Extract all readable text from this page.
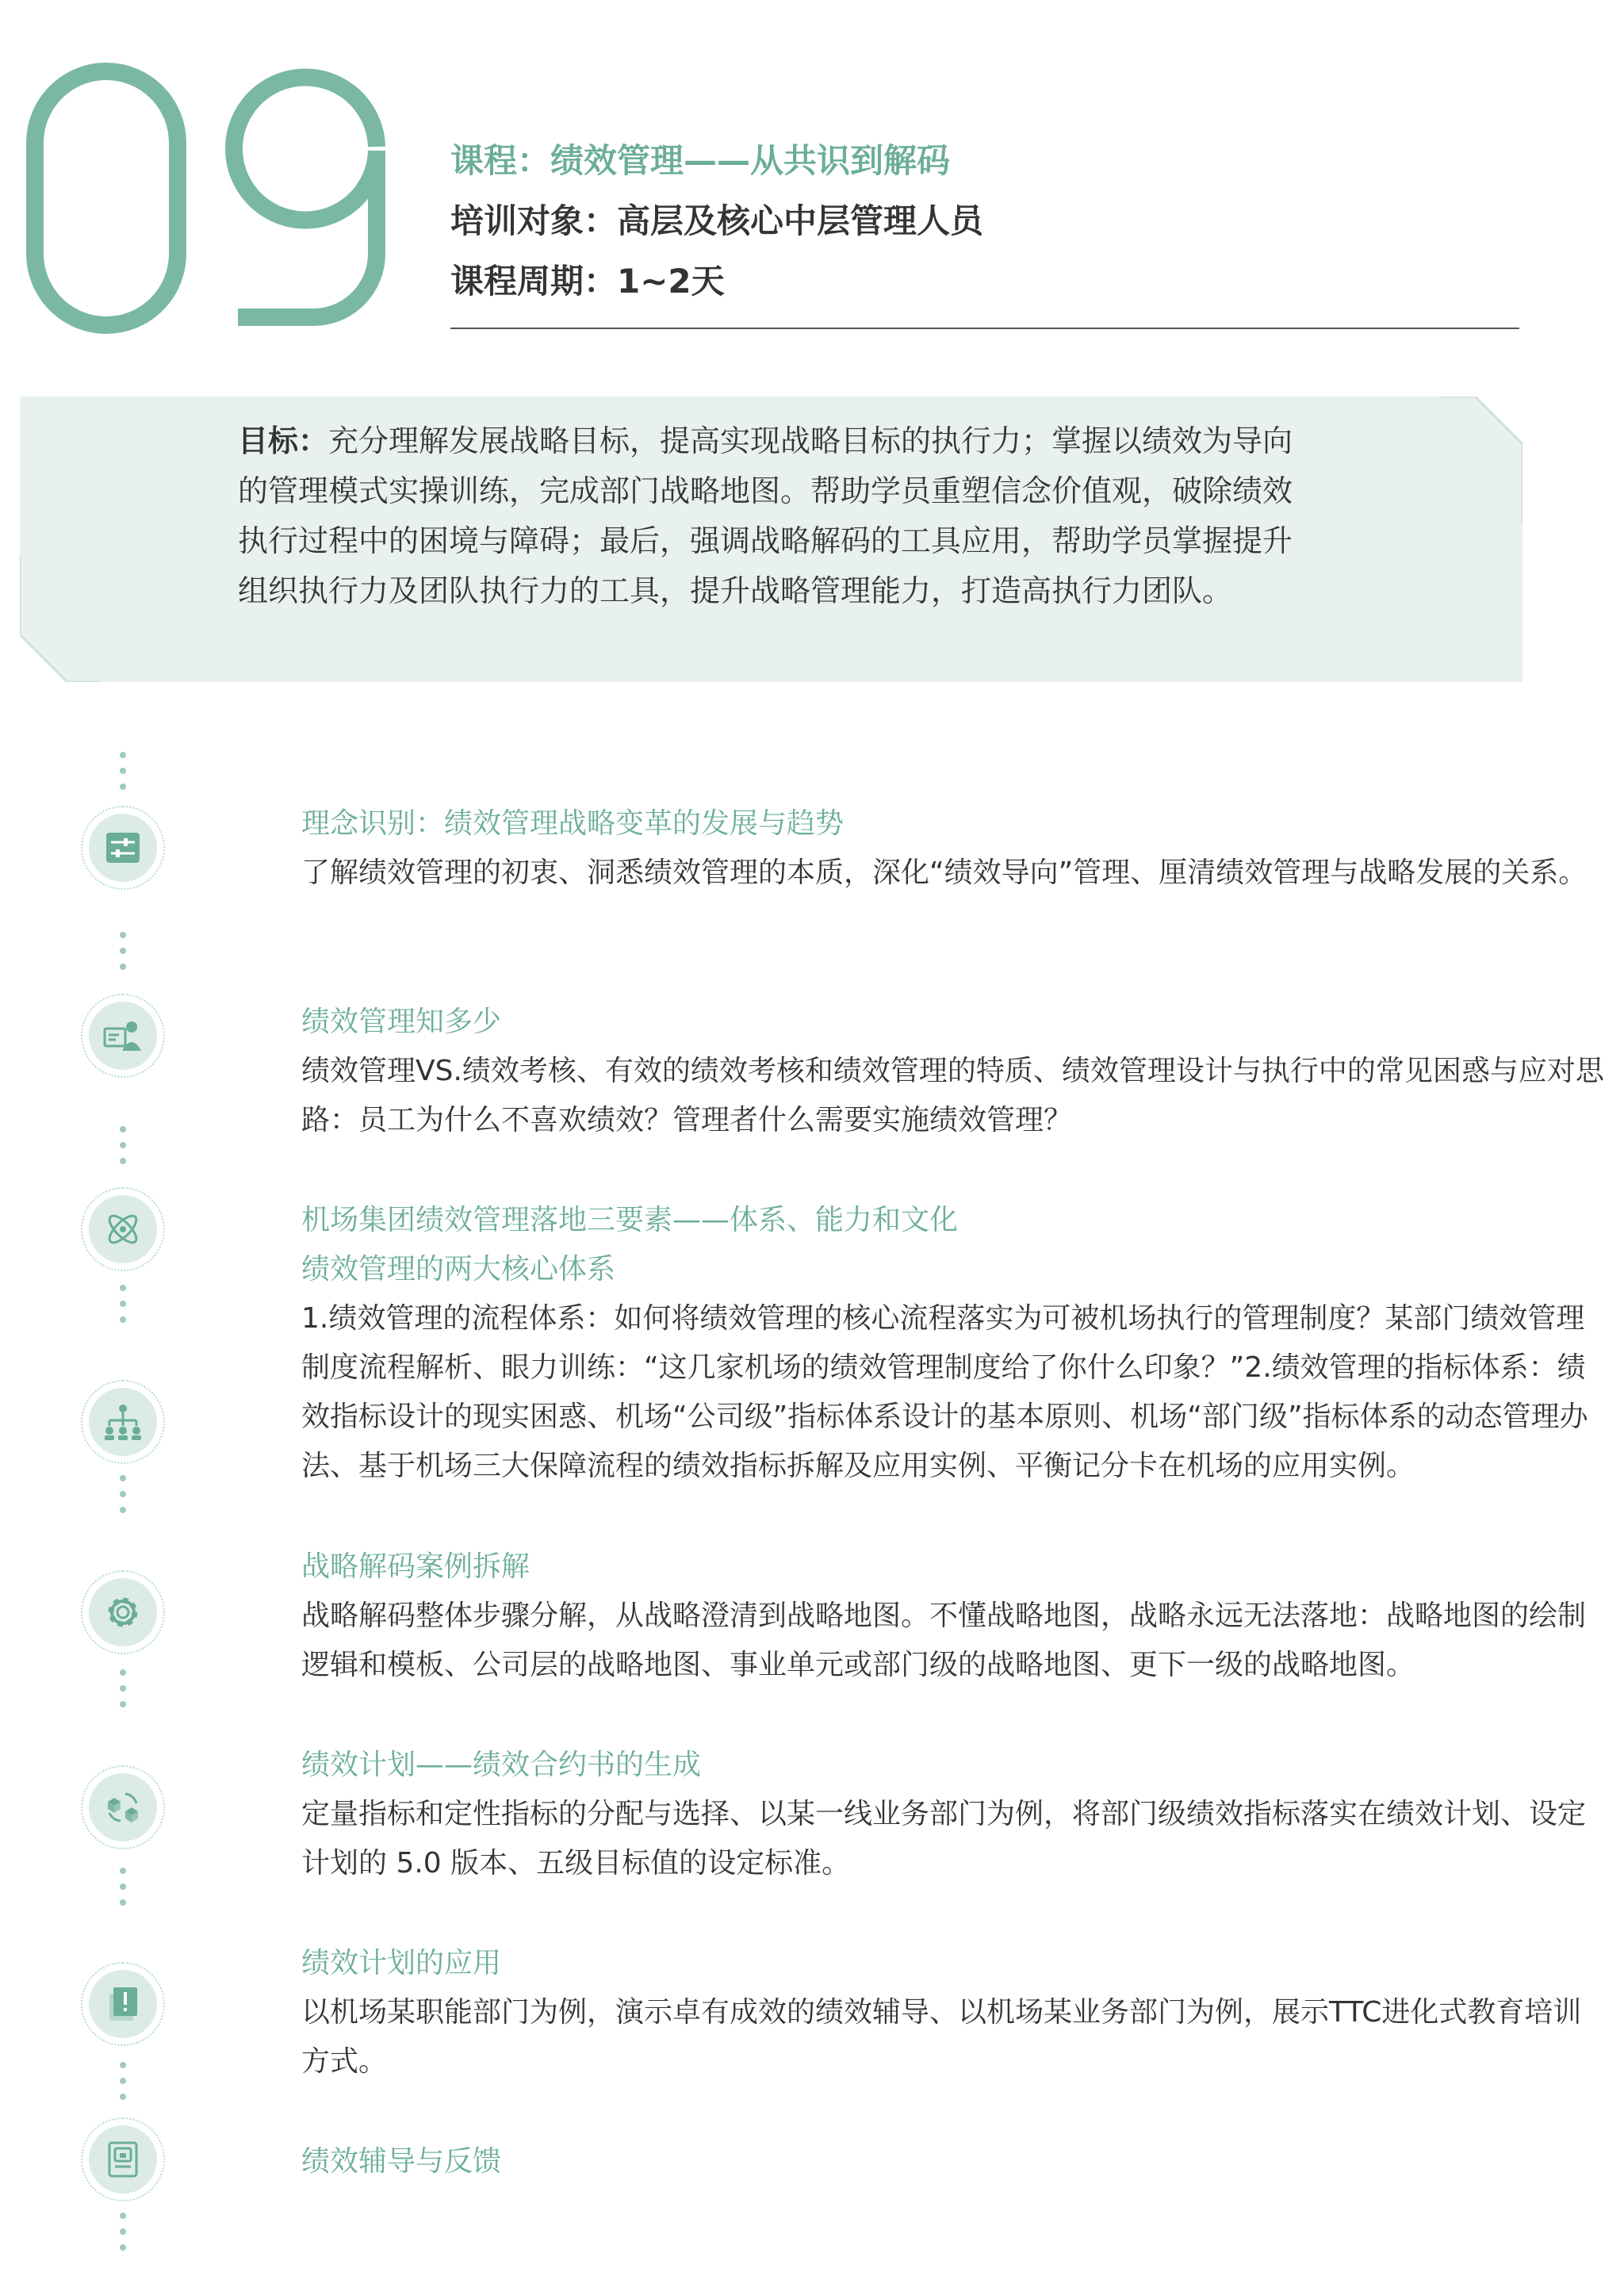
课程：绩效管理——从共识到解码
培训对象：高层及核心中层管理人员
课程周期：1~2天
目标：充分理解发展战略目标，提高实现战略目标的执行力；掌握以绩效为导向的管理模式实操训练，完成部门战略地图。帮助学员重塑信念价值观，破除绩效执行过程中的困境与障碍；最后，强调战略解码的工具应用，帮助学员掌握提升组织执行力及团队执行力的工具，提升战略管理能力，打造高执行力团队。
理念识别：绩效管理战略变革的发展与趋势
了解绩效管理的初衷、洞悉绩效管理的本质，深化“绩效导向”管理、厘清绩效管理与战略发展的关系。
绩效管理知多少
绩效管理VS.绩效考核、有效的绩效考核和绩效管理的特质、绩效管理设计与执行中的常见困惑与应对思路：员工为什么不喜欢绩效？管理者什么需要实施绩效管理？
机场集团绩效管理落地三要素——体系、能力和文化
绩效管理的两大核心体系
1.绩效管理的流程体系：如何将绩效管理的核心流程落实为可被机场执行的管理制度？某部门绩效管理制度流程解析、眼力训练：“这几家机场的绩效管理制度给了你什么印象？”2.绩效管理的指标体系：绩效指标设计的现实困惑、机场“公司级”指标体系设计的基本原则、机场“部门级”指标体系的动态管理办法、基于机场三大保障流程的绩效指标拆解及应用实例、平衡记分卡在机场的应用实例。
战略解码案例拆解
战略解码整体步骤分解，从战略澄清到战略地图。不懂战略地图，战略永远无法落地：战略地图的绘制逻辑和模板、公司层的战略地图、事业单元或部门级的战略地图、更下一级的战略地图。
绩效计划——绩效合约书的生成
定量指标和定性指标的分配与选择、以某一线业务部门为例，将部门级绩效指标落实在绩效计划、设定计划的 5.0 版本、五级目标值的设定标准。
绩效计划的应用
以机场某职能部门为例，演示卓有成效的绩效辅导、以机场某业务部门为例，展示TTC进化式教育培训方式。
绩效辅导与反馈
